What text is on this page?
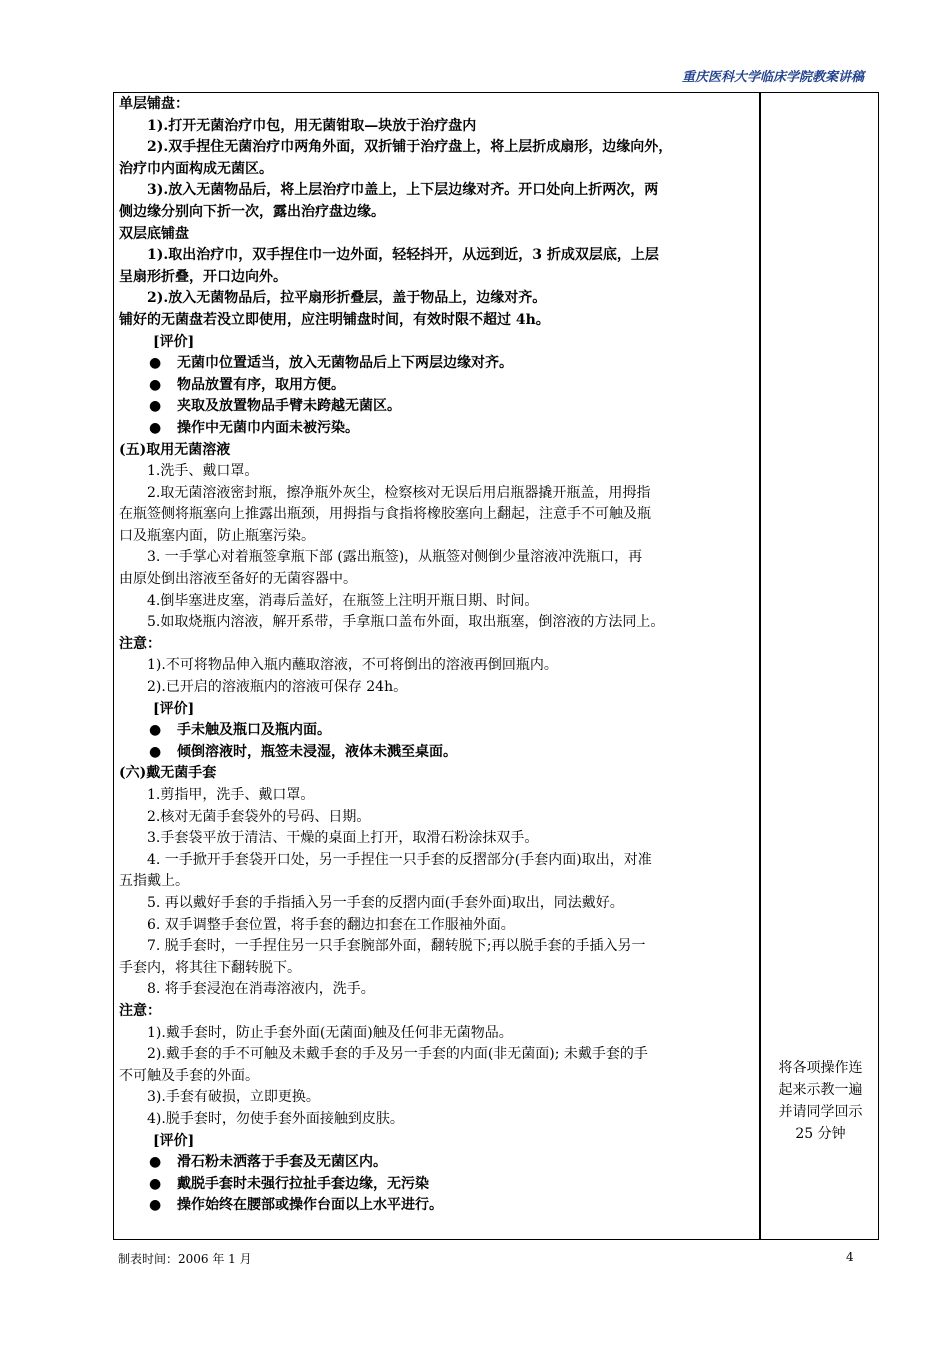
重庆医科大学临床学院教案讲稿
单层铺盘：
1).打开无菌治疗巾包，用无菌钳取—块放于治疗盘内
2).双手捏住无菌治疗巾两角外面，双折铺于治疗盘上，将上层折成扇形，边缘向外，
治疗巾内面构成无菌区。
3).放入无菌物品后，将上层治疗巾盖上，上下层边缘对齐。开口处向上折两次，两
侧边缘分别向下折一次，露出治疗盘边缘。
双层底铺盘
1).取出治疗巾，双手捏住巾一边外面，轻轻抖开，从远到近，3 折成双层底，上层
呈扇形折叠，开口边向外。
2).放入无菌物品后，拉平扇形折叠层，盖于物品上，边缘对齐。
铺好的无菌盘若没立即使用，应注明铺盘时间，有效时限不超过 4h。
[评价]
● 无菌巾位置适当，放入无菌物品后上下两层边缘对齐。
● 物品放置有序，取用方便。
● 夹取及放置物品手臂未跨越无菌区。
● 操作中无菌巾内面未被污染。
(五)取用无菌溶液
1.洗手、戴口罩。
2.取无菌溶液密封瓶，擦净瓶外灰尘，检察核对无误后用启瓶器撬开瓶盖，用拇指
在瓶签侧将瓶塞向上推露出瓶颈，用拇指与食指将橡胶塞向上翻起，注意手不可触及瓶
口及瓶塞内面，防止瓶塞污染。
3. 一手掌心对着瓶签拿瓶下部 (露出瓶签)，从瓶签对侧倒少量溶液冲洗瓶口，再
由原处倒出溶液至备好的无菌容器中。
4.倒毕塞进皮塞，消毒后盖好，在瓶签上注明开瓶日期、时间。
5.如取烧瓶内溶液，解开系带，手拿瓶口盖布外面，取出瓶塞，倒溶液的方法同上。
注意：
1).不可将物品伸入瓶内蘸取溶液，不可将倒出的溶液再倒回瓶内。
2).已开启的溶液瓶内的溶液可保存 24h。
[评价]
● 手未触及瓶口及瓶内面。
● 倾倒溶液时，瓶签未浸湿，液体未溅至桌面。
(六)戴无菌手套
1.剪指甲，洗手、戴口罩。
2.核对无菌手套袋外的号码、日期。
3.手套袋平放于清洁、干燥的桌面上打开，取滑石粉涂抹双手。
4. 一手掀开手套袋开口处，另一手捏住一只手套的反摺部分(手套内面)取出，对准
五指戴上。
5. 再以戴好手套的手指插入另一手套的反摺内面(手套外面)取出，同法戴好。
6. 双手调整手套位置，将手套的翻边扣套在工作服袖外面。
7. 脱手套时，一手捏住另一只手套腕部外面，翻转脱下;再以脱手套的手插入另一
手套内，将其往下翻转脱下。
8. 将手套浸泡在消毒溶液内，洗手。
注意：
1).戴手套时，防止手套外面(无菌面)触及任何非无菌物品。
2).戴手套的手不可触及未戴手套的手及另一手套的内面(非无菌面); 未戴手套的手
不可触及手套的外面。
3).手套有破损，立即更换。
4).脱手套时，勿使手套外面接触到皮肤。
[评价]
● 滑石粉未洒落于手套及无菌区内。
● 戴脱手套时未强行拉扯手套边缘，无污染
● 操作始终在腰部或操作台面以上水平进行。
将各项操作连
起来示教一遍
并请同学回示
25 分钟
制表时间：2006 年 1 月	4
